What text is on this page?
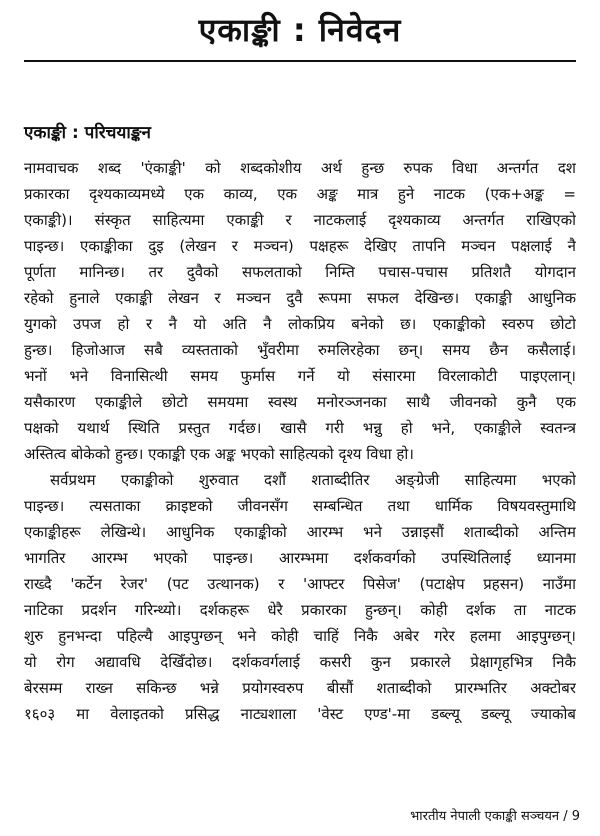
एकाङ्की : निवेदन
एकाङ्की : परिचयाङ्कन
नामवाचक शब्द 'एंकाङ्की' को शब्दकोशीय अर्थ हुन्छ रुपक विधा अन्तर्गत दश
प्रकारका दृश्यकाव्यमध्ये एक काव्य, एक अङ्क मात्र हुने नाटक (एक+अङ्क =
एकाङ्की)। संस्कृत साहित्यमा एकाङ्की र नाटकलाई दृश्यकाव्य अन्तर्गत राखिएको
पाइन्छ। एकाङ्कीका दुइ (लेखन र मञ्चन) पक्षहरू देखिए तापनि मञ्चन पक्षलाई नै
पूर्णता मानिन्छ। तर दुवैको सफलताको निम्ति पचास-पचास प्रतिशतै योगदान
रहेको हुनाले एकाङ्की लेखन र मञ्चन दुवै रूपमा सफल देखिन्छ। एकाङ्की आधुनिक
युगको उपज हो र नै यो अति नै लोकप्रिय बनेको छ। एकाङ्कीको स्वरुप छोटो
हुन्छ। हिजोआज सबै व्यस्तताको भुँवरीमा रुमलिरहेका छन्। समय छैन कसैलाई।
भनों भने विनासित्थी समय फुर्मास गर्ने यो संसारमा विरलाकोटी पाइएलान्।
यसैकारण एकाङ्कीले छोटो समयमा स्वस्थ मनोरञ्जनका साथै जीवनको कुनै एक
पक्षको यथार्थ स्थिति प्रस्तुत गर्दछ। खासै गरी भन्नु हो भने, एकाङ्कीले स्वतन्त्र
अस्तित्व बोकेको हुन्छ। एकाङ्की एक अङ्क भएको साहित्यको दृश्य विधा हो।
सर्वप्रथम एकाङ्कीको शुरुवात दशौं शताब्दीतिर अङ्ग्रेजी साहित्यमा भएको
पाइन्छ। त्यसताका क्राइष्टको जीवनसँग सम्बन्धित तथा धार्मिक विषयवस्तुमाथि
एकाङ्कीहरू लेखिन्थे। आधुनिक एकाङ्कीको आरम्भ भने उन्नाइसौं शताब्दीको अन्तिम
भागतिर आरम्भ भएको पाइन्छ। आरम्भमा दर्शकवर्गको उपस्थितिलाई ध्यानमा
राख्दै 'कर्टेन रेजर' (पट उत्थानक) र 'आफ्टर पिसेज' (पटाक्षेप प्रहसन) नाउँमा
नाटिका प्रदर्शन गरिन्थ्यो। दर्शकहरू धेरै प्रकारका हुन्छन्। कोही दर्शक ता नाटक
शुरु हुनभन्दा पहिल्यै आइपुग्छन् भने कोही चाहिं निकै अबेर गरेर हलमा आइपुग्छन्।
यो रोग अद्यावधि देखिँदोछ। दर्शकवर्गलाई कसरी कुन प्रकारले प्रेक्षागृहभित्र निकै
बेरसम्म राख्न सकिन्छ भन्ने प्रयोगस्वरुप बीसौं शताब्दीको प्रारम्भतिर अक्टोबर
१६०३ मा वेलाइतको प्रसिद्ध नाट्यशाला 'वेस्ट एण्ड'-मा डब्ल्यू डब्ल्यू ज्याकोब
भारतीय नेपाली एकाङ्की सञ्चयन / 9
